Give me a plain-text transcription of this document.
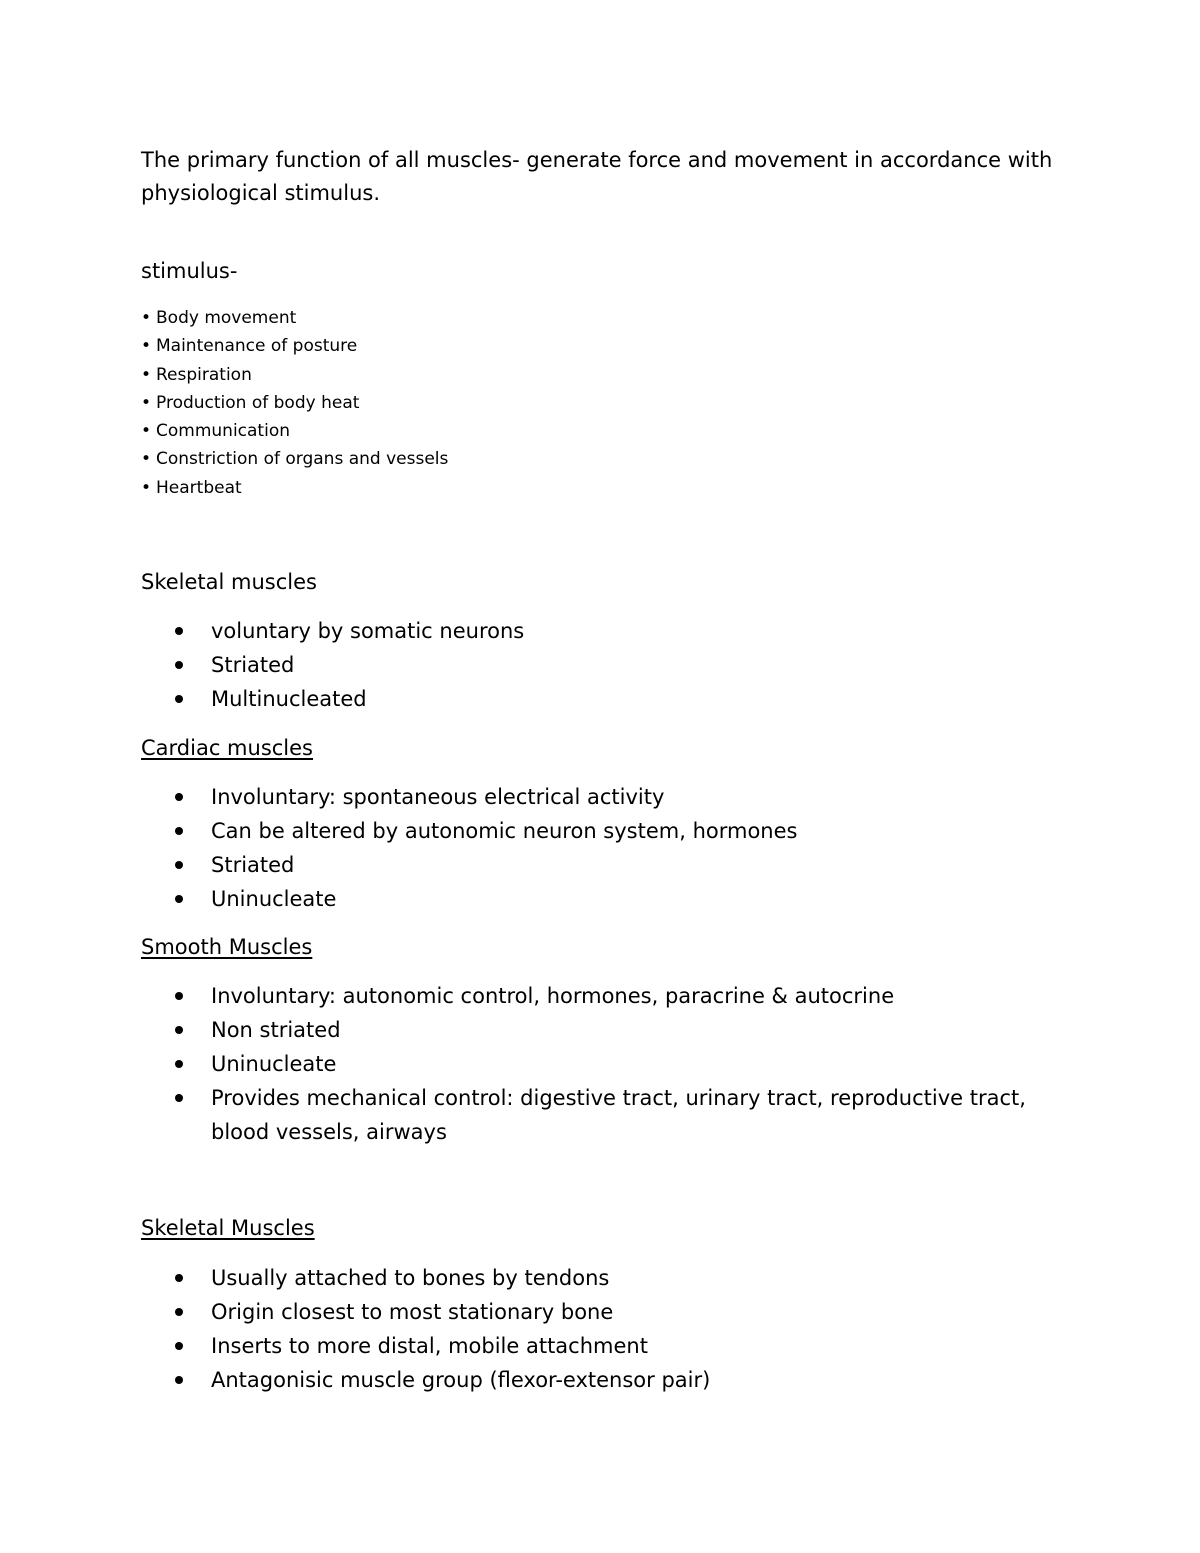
The primary function of all muscles- generate force and movement in accordance with physiological stimulus.
stimulus-
• Body movement
• Maintenance of posture
• Respiration
• Production of body heat
• Communication
• Constriction of organs and vessels
• Heartbeat
Skeletal muscles
voluntary by somatic neurons
Striated
Multinucleated
Cardiac muscles
Involuntary: spontaneous electrical activity
Can be altered by autonomic neuron system, hormones
Striated
Uninucleate
Smooth Muscles
Involuntary: autonomic control, hormones, paracrine & autocrine
Non striated
Uninucleate
Provides mechanical control: digestive tract, urinary tract, reproductive tract, blood vessels, airways
Skeletal Muscles
Usually attached to bones by tendons
Origin closest to most stationary bone
Inserts to more distal, mobile attachment
Antagonisic muscle group (flexor-extensor pair)
